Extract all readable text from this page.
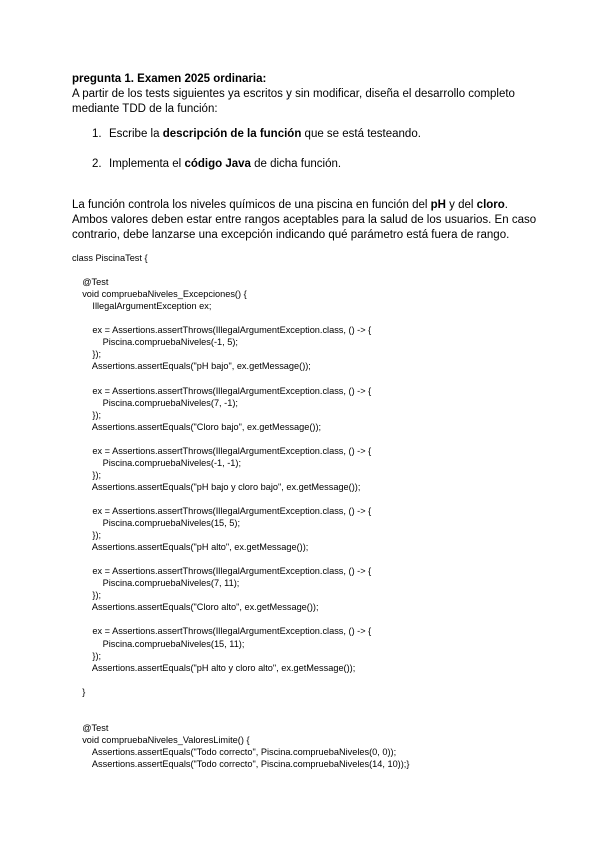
pregunta 1. Examen 2025 ordinaria:
A partir de los tests siguientes ya escritos y sin modificar, diseña el desarrollo completo mediante TDD de la función:
1. Escribe la descripción de la función que se está testeando.
2. Implementa el código Java de dicha función.
La función controla los niveles químicos de una piscina en función del pH y del cloro. Ambos valores deben estar entre rangos aceptables para la salud de los usuarios. En caso contrario, debe lanzarse una excepción indicando qué parámetro está fuera de rango.
class PiscinaTest {
@Test
void compruebaNiveles_Excepciones() {
IllegalArgumentException ex;
ex = Assertions.assertThrows(IllegalArgumentException.class, () -> {
Piscina.compruebaNiveles(-1, 5);
});
Assertions.assertEquals("pH bajo", ex.getMessage());
ex = Assertions.assertThrows(IllegalArgumentException.class, () -> {
Piscina.compruebaNiveles(7, -1);
});
Assertions.assertEquals("Cloro bajo", ex.getMessage());
ex = Assertions.assertThrows(IllegalArgumentException.class, () -> {
Piscina.compruebaNiveles(-1, -1);
});
Assertions.assertEquals("pH bajo y cloro bajo", ex.getMessage());
ex = Assertions.assertThrows(IllegalArgumentException.class, () -> {
Piscina.compruebaNiveles(15, 5);
});
Assertions.assertEquals("pH alto", ex.getMessage());
ex = Assertions.assertThrows(IllegalArgumentException.class, () -> {
Piscina.compruebaNiveles(7, 11);
});
Assertions.assertEquals("Cloro alto", ex.getMessage());
ex = Assertions.assertThrows(IllegalArgumentException.class, () -> {
Piscina.compruebaNiveles(15, 11);
});
Assertions.assertEquals("pH alto y cloro alto", ex.getMessage());
}
@Test
void compruebaNiveles_ValoresLimite() {
Assertions.assertEquals("Todo correcto", Piscina.compruebaNiveles(0, 0));
Assertions.assertEquals("Todo correcto", Piscina.compruebaNiveles(14, 10));}
